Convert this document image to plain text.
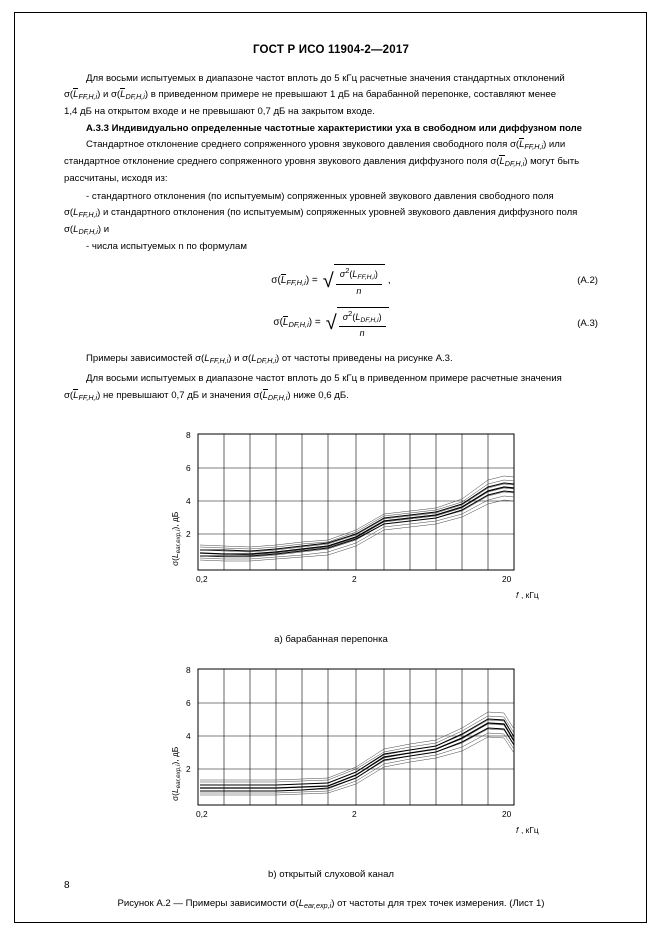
ГОСТ Р ИСО 11904-2—2017

Для восьми испытуемых в диапазоне частот вплоть до 5 кГц расчетные значения стандартных отклонений

$\sigma(L_{FF,H,i})$ и $\sigma(L_{DF,H,i})$ в приведенном примере не превышают 1 дБ на барабанной перепонке, составляют менее

1,4 дБ на открытом входе и не превышают 0,7 дБ на закрытом входе.

A.3.3 Индивидуально определенные частотные характеристики уха в свободном или диффузном поле

Стандартное отклонение среднего сопряженного уровня звукового давления свободного поля $\sigma(L_{FF,H,i})$ или

стандартное отклонение среднего сопряженного уровня звукового давления диффузного поля $\sigma(L_{DF,H,i})$ могут быть

рассчитаны, исходя из:

- стандартного отклонения (по испытуемым) сопряженных уровней звукового давления свободного поля

$\sigma(L_{FF,H,i})$ и стандартного отклонения (по испытуемым) сопряженных уровней звукового давления диффузного поля

$\sigma(L_{DF,H,i})$ и

- числа испытуемых n по формулам

$\sigma(L_{FF,H,i})$ = √ $\frac{\sigma^2(L_{FF,H,i})}{n}$ ,	(А.2)
$\sigma(L_{DF,H,i})$ = √ $\frac{\sigma^2(L_{DF,H,i})}{n}$	(А.3)

Примеры зависимостей $\sigma(L_{FF,H,i})$ и $\sigma(L_{DF,H,i})$ от частоты приведены на рисунке А.3.

Для восьми испытуемых в диапазоне частот вплоть до 5 кГц в приведенном примере расчетные значения

$\sigma(L_{FF,H,i})$ не превышают 0,7 дБ и значения $\sigma(L_{DF,H,i})$ ниже 0,6 дБ.

$\sigma(L_{ear,exp,i})$, дБ
8
6
4
2
0,2	2	20
f , кГц
а) барабанная перепонка
$\sigma(L_{ear,exp,i})$, дБ
8
6
4
2
0,2	2	20
f , кГц
b) открытый слуховой канал
Рисунок А.2 — Примеры зависимости $\sigma(L_{ear,exp,i})$ от частоты для трех точек измерения. (Лист 1)
8
